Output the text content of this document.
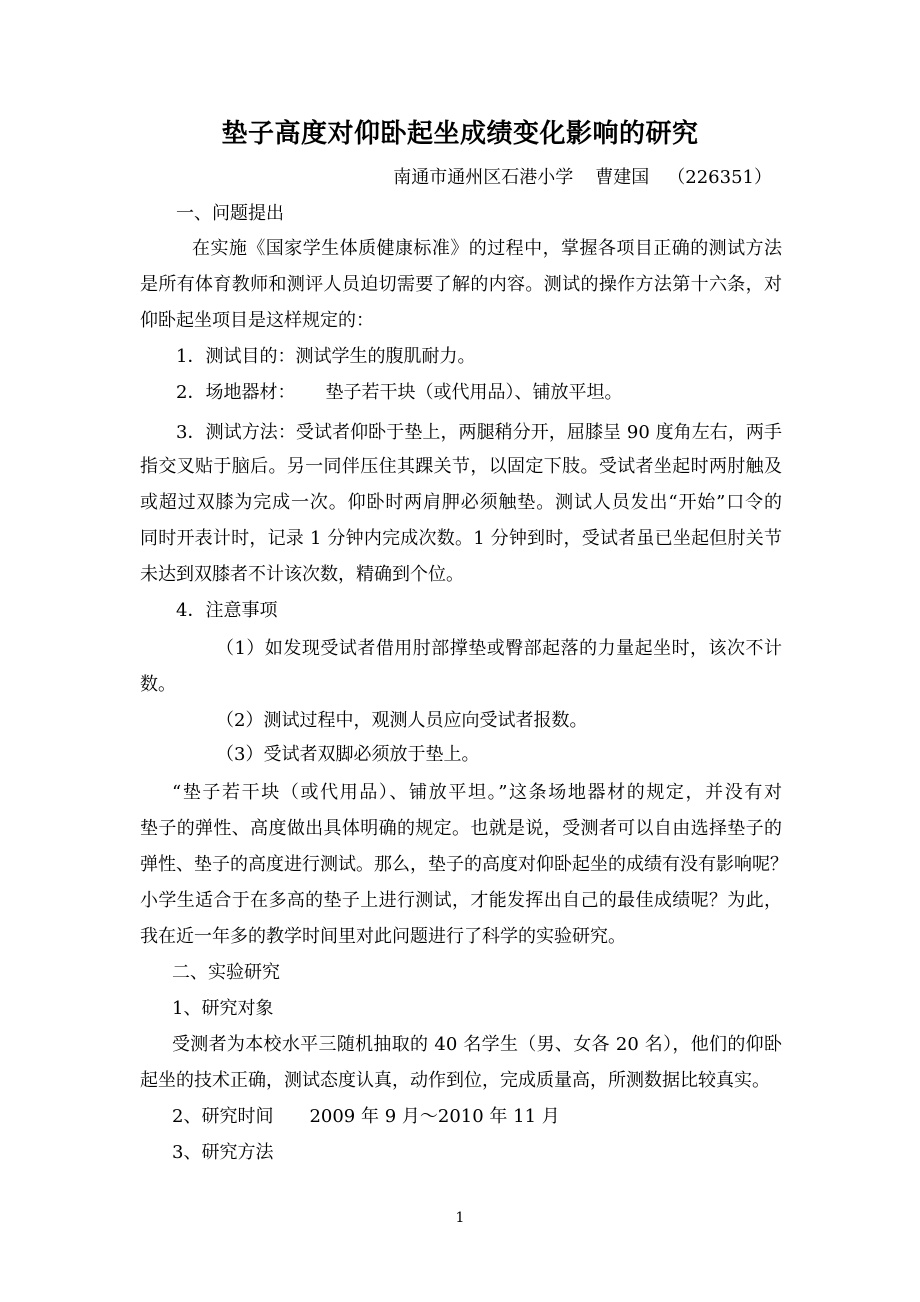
垫子高度对仰卧起坐成绩变化影响的研究
南通市通州区石港小学 曹建国 （226351）
一、问题提出
在实施《国家学生体质健康标准》的过程中，掌握各项目正确的测试方法
是所有体育教师和测评人员迫切需要了解的内容。测试的操作方法第十六条，对
仰卧起坐项目是这样规定的：
1．测试目的：测试学生的腹肌耐力。
2．场地器材： 垫子若干块（或代用品）、铺放平坦。
3．测试方法：受试者仰卧于垫上，两腿稍分开，屈膝呈 90 度角左右，两手
指交叉贴于脑后。另一同伴压住其踝关节，以固定下肢。受试者坐起时两肘触及
或超过双膝为完成一次。仰卧时两肩胛必须触垫。测试人员发出“开始”口令的
同时开表计时，记录 1 分钟内完成次数。1 分钟到时，受试者虽已坐起但肘关节
未达到双膝者不计该次数，精确到个位。
4．注意事项
（1）如发现受试者借用肘部撑垫或臀部起落的力量起坐时，该次不计
数。
（2）测试过程中，观测人员应向受试者报数。
（3）受试者双脚必须放于垫上。
“垫子若干块（或代用品）、铺放平坦。”这条场地器材的规定，并没有对
垫子的弹性、高度做出具体明确的规定。也就是说，受测者可以自由选择垫子的
弹性、垫子的高度进行测试。那么，垫子的高度对仰卧起坐的成绩有没有影响呢？
小学生适合于在多高的垫子上进行测试，才能发挥出自己的最佳成绩呢？为此，
我在近一年多的教学时间里对此问题进行了科学的实验研究。
二、实验研究
1、研究对象
受测者为本校水平三随机抽取的 40 名学生（男、女各 20 名），他们的仰卧
起坐的技术正确，测试态度认真，动作到位，完成质量高，所测数据比较真实。
2、研究时间 2009 年 9 月～2010 年 11 月
3、研究方法
1
